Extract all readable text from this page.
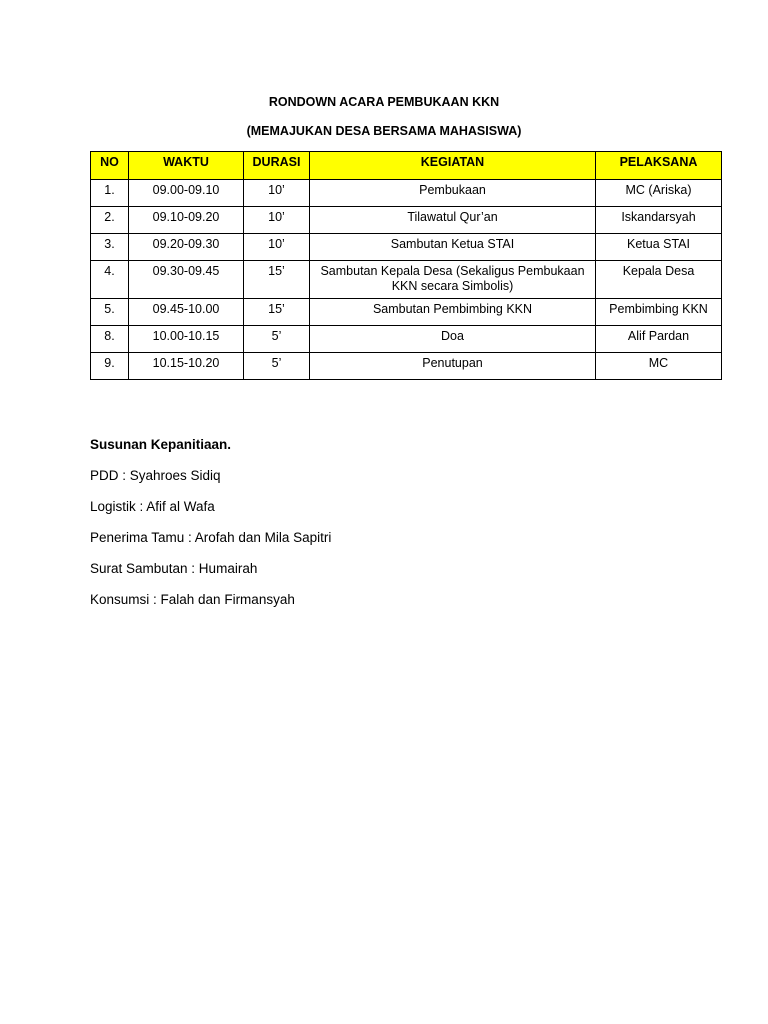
RONDOWN ACARA PEMBUKAAN KKN
(MEMAJUKAN DESA BERSAMA MAHASISWA)
NO	WAKTU	DURASI	KEGIATAN	PELAKSANA
1.	09.00-09.10	10’	Pembukaan	MC (Ariska)
2.	09.10-09.20	10’	Tilawatul Qur’an	Iskandarsyah
3.	09.20-09.30	10’	Sambutan Ketua STAI	Ketua STAI
4.	09.30-09.45	15’	Sambutan Kepala Desa (Sekaligus Pembukaan KKN secara Simbolis)	Kepala Desa
5.	09.45-10.00	15’	Sambutan Pembimbing KKN	Pembimbing KKN
8.	10.00-10.15	5’	Doa	Alif Pardan
9.	10.15-10.20	5’	Penutupan	MC
Susunan Kepanitiaan.
PDD : Syahroes Sidiq
Logistik : Afif al Wafa
Penerima Tamu : Arofah dan Mila Sapitri
Surat Sambutan : Humairah
Konsumsi : Falah dan Firmansyah
